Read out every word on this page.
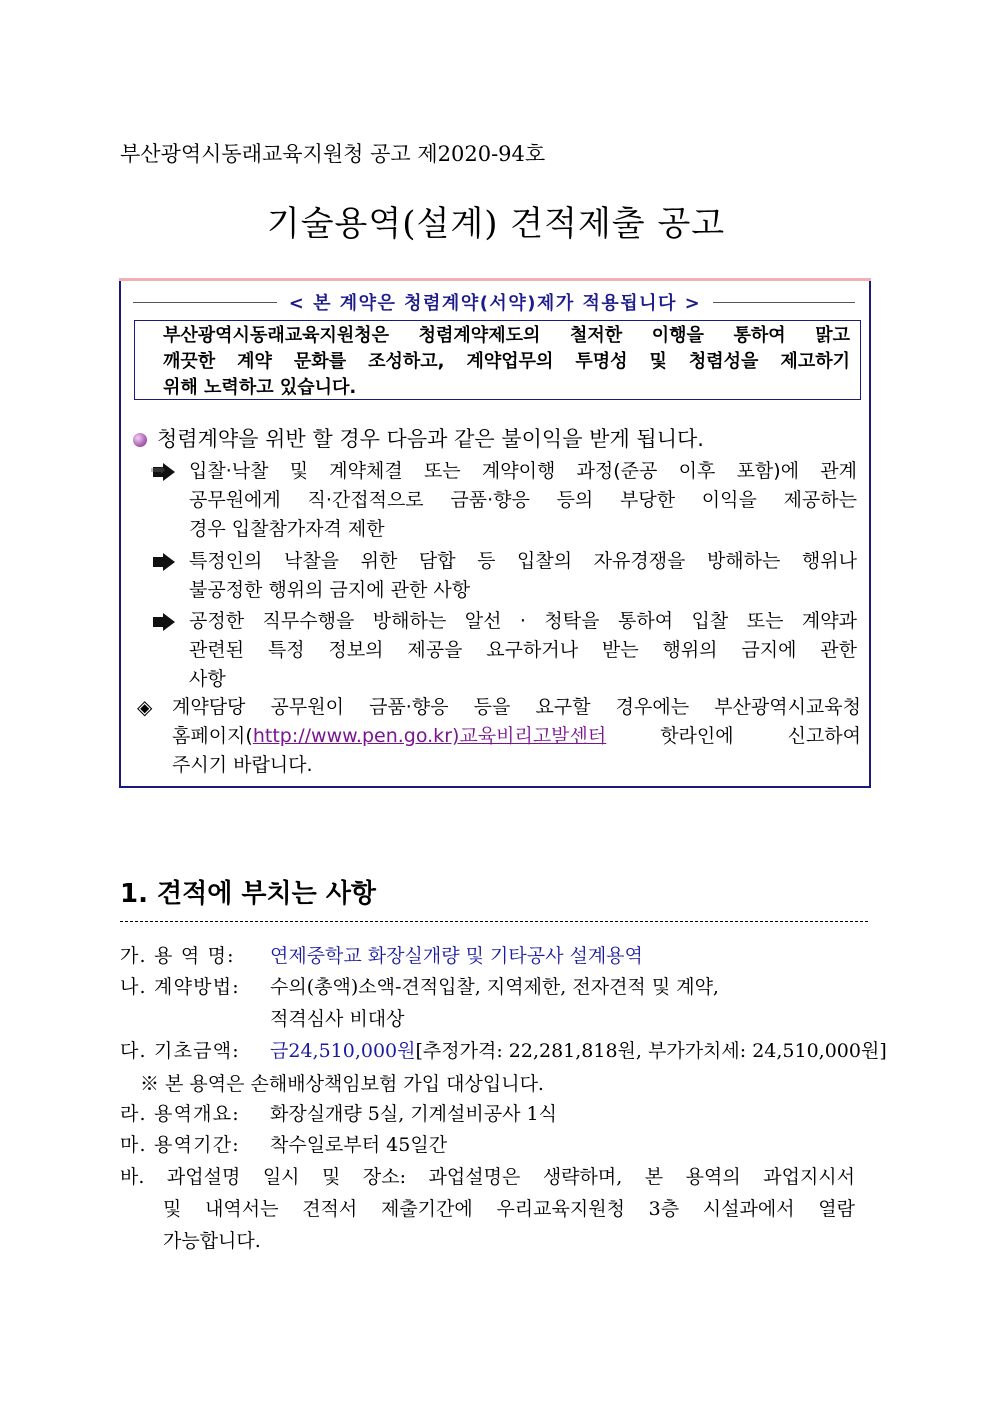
부산광역시동래교육지원청 공고 제2020-94호
기술용역(설계) 견적제출 공고
< 본 계약은 청렴계약(서약)제가 적용됩니다 >
부산광역시동래교육지원청은 청렴계약제도의 철저한 이행을 통하여 맑고
깨끗한 계약 문화를 조성하고, 계약업무의 투명성 및 청렴성을 제고하기
위해 노력하고 있습니다.
청렴계약을 위반 할 경우 다음과 같은 불이익을 받게 됩니다.
입찰·낙찰 및 계약체결 또는 계약이행 과정(준공 이후 포함)에 관계
공무원에게 직·간접적으로 금품·향응 등의 부당한 이익을 제공하는
경우 입찰참가자격 제한
특정인의 낙찰을 위한 담합 등 입찰의 자유경쟁을 방해하는 행위나
불공정한 행위의 금지에 관한 사항
공정한 직무수행을 방해하는 알선 · 청탁을 통하여 입찰 또는 계약과
관련된 특정 정보의 제공을 요구하거나 받는 행위의 금지에 관한
사항
◈ 계약담당 공무원이 금품·향응 등을 요구할 경우에는 부산광역시교육청
홈페이지(http://www.pen.go.kr)교육비리고발센터 핫라인에 신고하여
주시기 바랍니다.
1. 견적에 부치는 사항
가. 용 역 명: 연제중학교 화장실개량 및 기타공사 설계용역
나. 계약방법: 수의(총액)소액-견적입찰, 지역제한, 전자견적 및 계약,
적격심사 비대상
다. 기초금액: 금24,510,000원[추정가격: 22,281,818원, 부가가치세: 24,510,000원]
※ 본 용역은 손해배상책임보험 가입 대상입니다.
라. 용역개요: 화장실개량 5실, 기계설비공사 1식
마. 용역기간: 착수일로부터 45일간
바. 과업설명 일시 및 장소: 과업설명은 생략하며, 본 용역의 과업지시서
및 내역서는 견적서 제출기간에 우리교육지원청 3층 시설과에서 열람
가능합니다.
